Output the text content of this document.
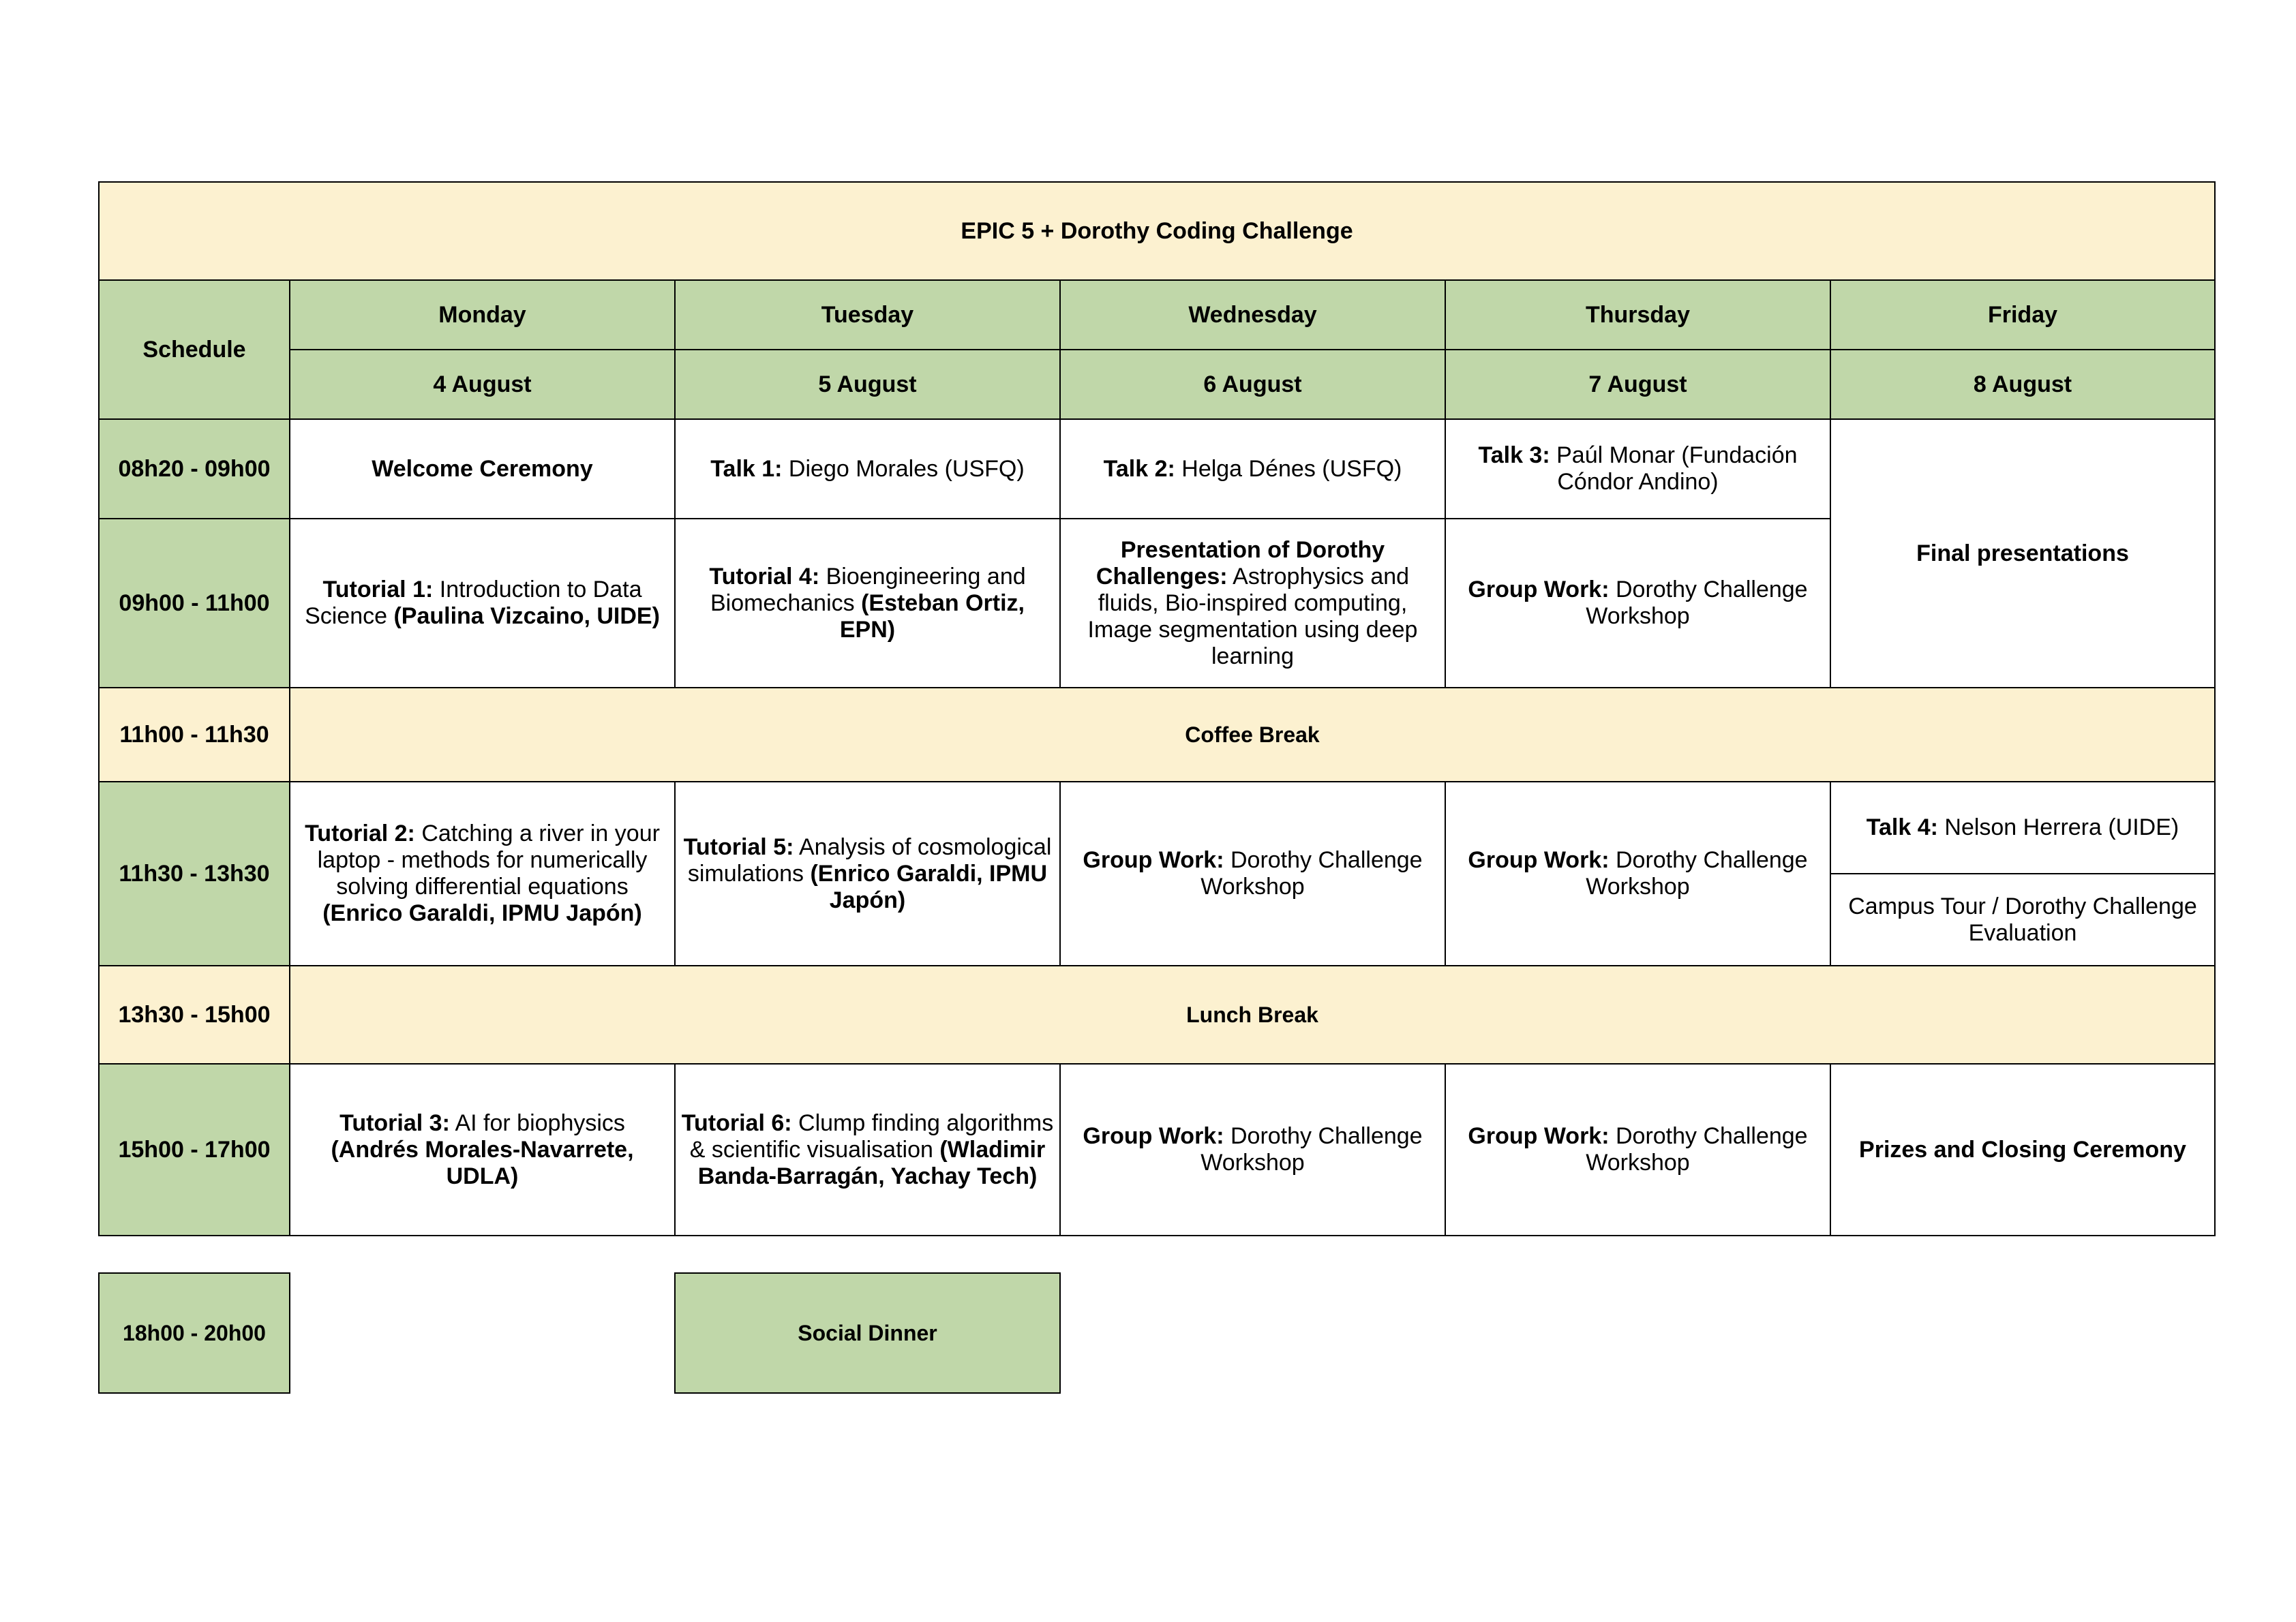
EPIC 5 + Dorothy Coding Challenge					
Schedule	Monday	Tuesday	Wednesday	Thursday	Friday
	4 August	5 August	6 August	7 August	8 August
08h20 - 09h00	Welcome Ceremony	Talk 1: Diego Morales (USFQ)	Talk 2: Helga Dénes (USFQ)	Talk 3: Paúl Monar (Fundación Cóndor Andino)	Final presentations
09h00 - 11h00	Tutorial 1: Introduction to Data Science (Paulina Vizcaino, UIDE)	Tutorial 4: Bioengineering and Biomechanics (Esteban Ortiz, EPN)	Presentation of Dorothy Challenges: Astrophysics and fluids, Bio-inspired computing, Image segmentation using deep learning	Group Work: Dorothy Challenge Workshop	
11h00 - 11h30	Coffee Break				
11h30 - 13h30	Tutorial 2: Catching a river in your laptop - methods for numerically solving differential equations (Enrico Garaldi, IPMU Japón)	Tutorial 5: Analysis of cosmological simulations (Enrico Garaldi, IPMU Japón)	Group Work: Dorothy Challenge Workshop	Group Work: Dorothy Challenge Workshop	Talk 4: Nelson Herrera (UIDE)
					Campus Tour / Dorothy Challenge Evaluation
13h30 - 15h00	Lunch Break				
15h00 - 17h00	Tutorial 3: AI for biophysics (Andrés Morales-Navarrete, UDLA)	Tutorial 6: Clump finding algorithms & scientific visualisation (Wladimir Banda-Barragán, Yachay Tech)	Group Work: Dorothy Challenge Workshop	Group Work: Dorothy Challenge Workshop	Prizes and Closing Ceremony
18h00 - 20h00		Social Dinner
